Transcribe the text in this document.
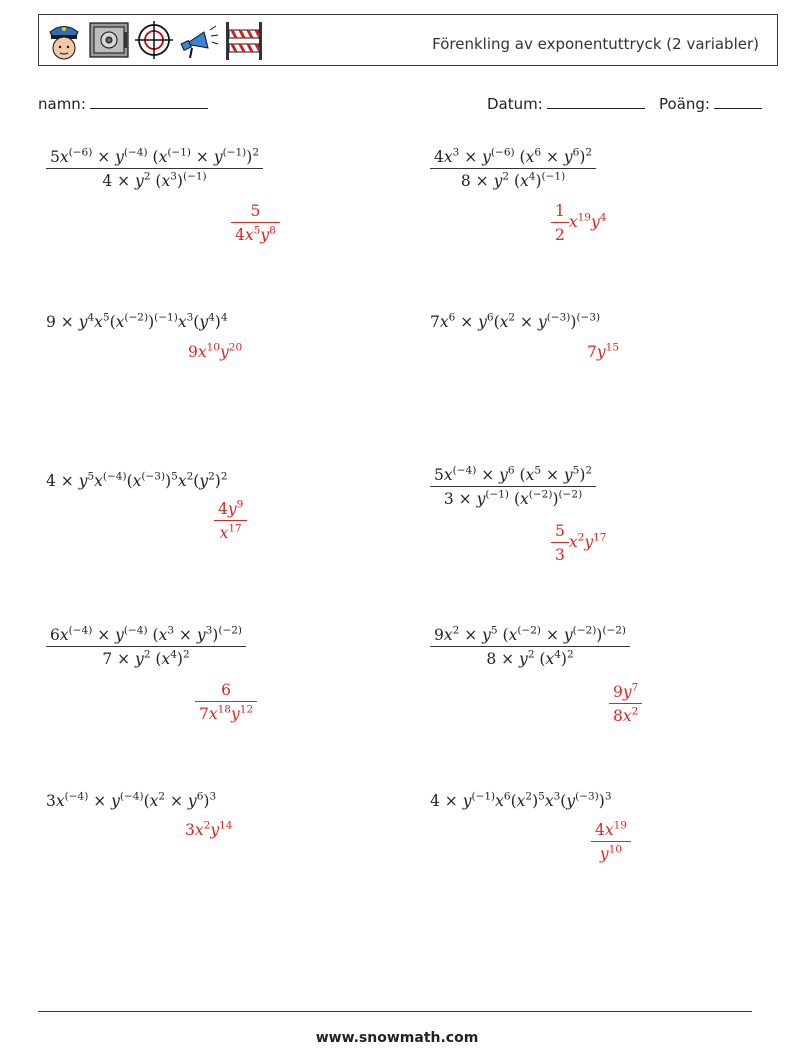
Förenkling av exponentuttryck (2 variabler)
namn:	Datum:	Poäng:
$\frac{5x^{(-6)} \times y^{(-4)} (x^{(-1)} \times y^{(-1)})^2}{4 \times y^2 (x^3)^{(-1)}}$
$\frac{5}{4x^5y^8}$
$\frac{4x^3 \times y^{(-6)} (x^6 \times y^6)^2}{8 \times y^2 (x^4)^{(-1)}}$
$\frac{1}{2} x^{19}y^4$
$9 \times y^4x^5(x^{(-2)})^{(-1)}x^3(y^4)^4$
$9x^{10}y^{20}$
$7x^6 \times y^6(x^2 \times y^{(-3)})^{(-3)}$
$7y^{15}$
$4 \times y^5x^{(-4)}(x^{(-3)})^5x^2(y^2)^2$
$\frac{4y^9}{x^{17}}$
$\frac{5x^{(-4)} \times y^6 (x^5 \times y^5)^2}{3 \times y^{(-1)} (x^{(-2)})^{(-2)}}$
$\frac{5}{3} x^2y^{17}$
$\frac{6x^{(-4)} \times y^{(-4)} (x^3 \times y^3)^{(-2)}}{7 \times y^2 (x^4)^2}$
$\frac{6}{7x^{18}y^{12}}$
$\frac{9x^2 \times y^5 (x^{(-2)} \times y^{(-2)})^{(-2)}}{8 \times y^2 (x^4)^2}$
$\frac{9y^7}{8x^2}$
$3x^{(-4)} \times y^{(-4)}(x^2 \times y^6)^3$
$3x^2y^{14}$
$4 \times y^{(-1)}x^6(x^2)^5x^3(y^{(-3)})^3$
$\frac{4x^{19}}{y^{10}}$
www.snowmath.com
